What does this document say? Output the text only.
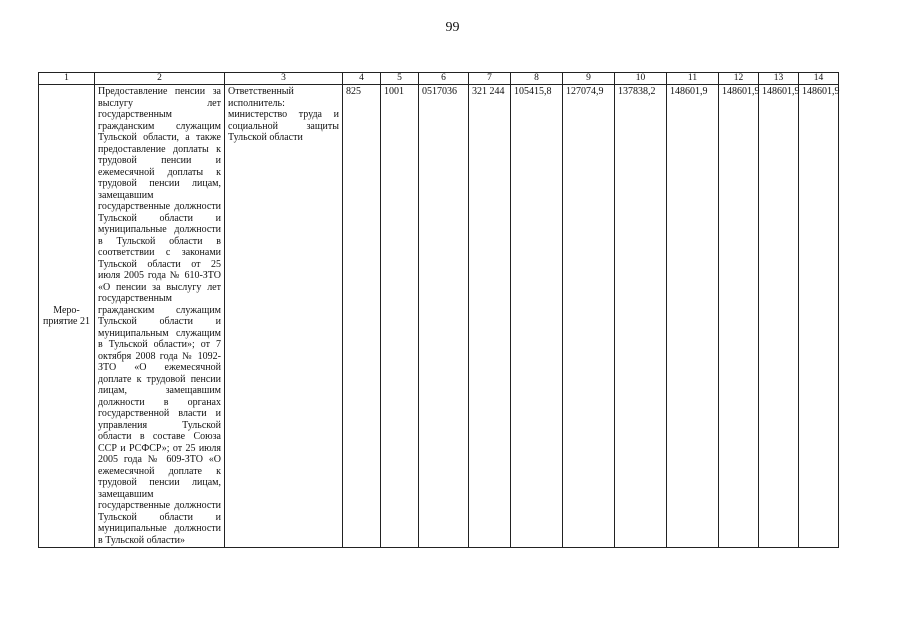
99
1	2	3	4	5	6	7	8	9	10	11	12	13	14
Меро-приятие 21	Предоставление пенсии за выслугу лет государственным гражданским служащим Тульской области, а также предоставление доплаты к трудовой пенсии и ежемесячной доплаты к трудовой пенсии лицам, замещавшим государственные должности Тульской области и муниципальные должности в Тульской области в соответствии с законами Тульской области от 25 июля 2005 года № 610-ЗТО «О пенсии за выслугу лет государственным гражданским служащим Тульской области и муниципальным служащим в Тульской области»; от 7 октября 2008 года № 1092-ЗТО «О ежемесячной доплате к трудовой пенсии лицам, замещавшим должности в органах государственной власти и управления Тульской области в составе Союза ССР и РСФСР»; от 25 июля 2005 года № 609-ЗТО «О ежемесячной доплате к трудовой пенсии лицам, замещавшим государственные должности Тульской области и муниципальные должности в Тульской области»	Ответственный исполнитель: министерство труда и социальной защиты Тульской области	825	1001	0517036	321 244	105415,8	127074,9	137838,2	148601,9	148601,9	148601,9	148601,9
